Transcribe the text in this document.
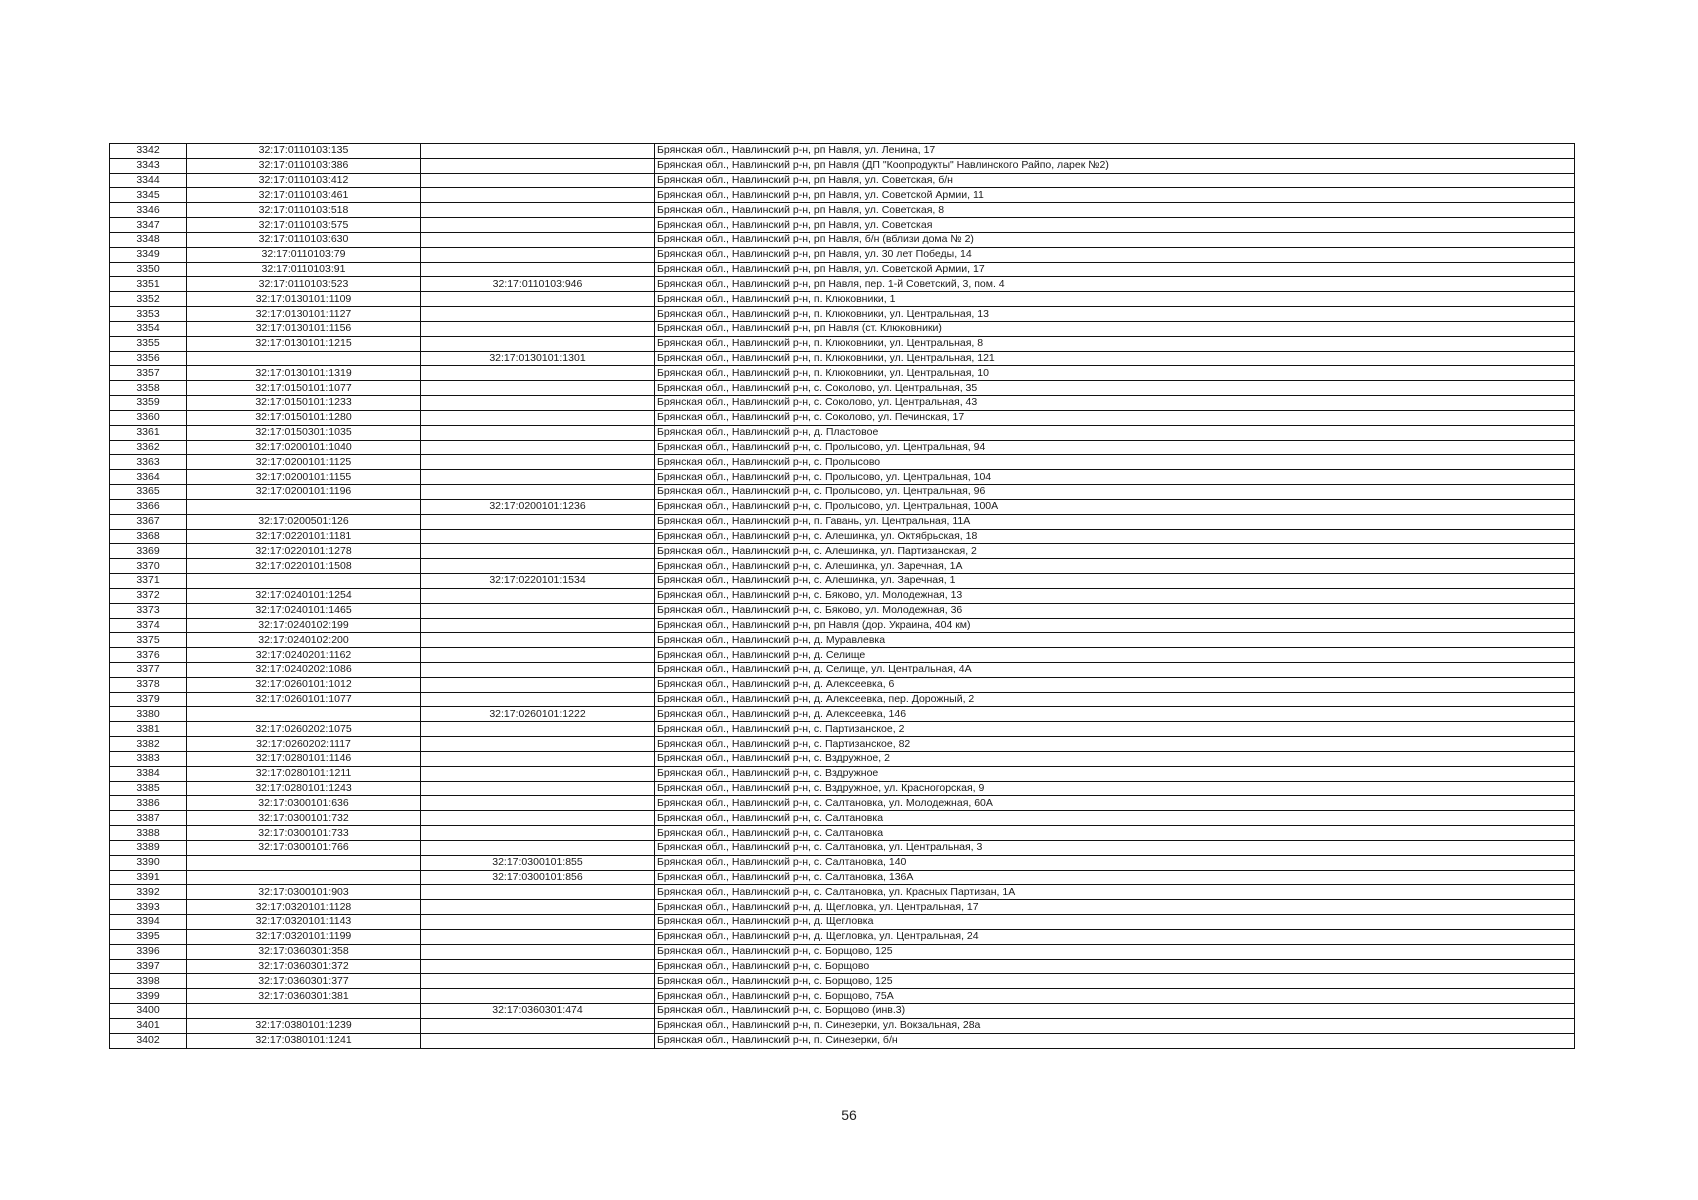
3342	32:17:0110103:135		Брянская обл., Навлинский р-н, рп Навля, ул. Ленина, 17
3343	32:17:0110103:386		Брянская обл., Навлинский р-н, рп Навля (ДП "Коопродукты" Навлинского Райпо, ларек №2)
3344	32:17:0110103:412		Брянская обл., Навлинский р-н, рп Навля, ул. Советская, б/н
3345	32:17:0110103:461		Брянская обл., Навлинский р-н, рп Навля, ул. Советской Армии, 11
3346	32:17:0110103:518		Брянская обл., Навлинский р-н, рп Навля, ул. Советская, 8
3347	32:17:0110103:575		Брянская обл., Навлинский р-н, рп Навля, ул. Советская
3348	32:17:0110103:630		Брянская обл., Навлинский р-н, рп Навля, б/н (вблизи дома № 2)
3349	32:17:0110103:79		Брянская обл., Навлинский р-н, рп Навля, ул. 30 лет Победы, 14
3350	32:17:0110103:91		Брянская обл., Навлинский р-н, рп Навля, ул. Советской Армии, 17
3351	32:17:0110103:523	32:17:0110103:946	Брянская обл., Навлинский р-н, рп Навля, пер. 1-й Советский, 3, пом. 4
3352	32:17:0130101:1109		Брянская обл., Навлинский р-н, п. Клюковники, 1
3353	32:17:0130101:1127		Брянская обл., Навлинский р-н, п. Клюковники, ул. Центральная, 13
3354	32:17:0130101:1156		Брянская обл., Навлинский р-н, рп Навля (ст. Клюковники)
3355	32:17:0130101:1215		Брянская обл., Навлинский р-н, п. Клюковники, ул. Центральная, 8
3356		32:17:0130101:1301	Брянская обл., Навлинский р-н, п. Клюковники, ул. Центральная, 121
3357	32:17:0130101:1319		Брянская обл., Навлинский р-н, п. Клюковники, ул. Центральная, 10
3358	32:17:0150101:1077		Брянская обл., Навлинский р-н, с. Соколово, ул. Центральная, 35
3359	32:17:0150101:1233		Брянская обл., Навлинский р-н, с. Соколово, ул. Центральная, 43
3360	32:17:0150101:1280		Брянская обл., Навлинский р-н, с. Соколово, ул. Печинская, 17
3361	32:17:0150301:1035		Брянская обл., Навлинский р-н, д. Пластовое
3362	32:17:0200101:1040		Брянская обл., Навлинский р-н, с. Пролысово, ул. Центральная, 94
3363	32:17:0200101:1125		Брянская обл., Навлинский р-н, с. Пролысово
3364	32:17:0200101:1155		Брянская обл., Навлинский р-н, с. Пролысово, ул. Центральная, 104
3365	32:17:0200101:1196		Брянская обл., Навлинский р-н, с. Пролысово, ул. Центральная, 96
3366		32:17:0200101:1236	Брянская обл., Навлинский р-н, с. Пролысово, ул. Центральная, 100А
3367	32:17:0200501:126		Брянская обл., Навлинский р-н, п. Гавань, ул. Центральная, 11А
3368	32:17:0220101:1181		Брянская обл., Навлинский р-н, с. Алешинка, ул. Октябрьская, 18
3369	32:17:0220101:1278		Брянская обл., Навлинский р-н, с. Алешинка, ул. Партизанская, 2
3370	32:17:0220101:1508		Брянская обл., Навлинский р-н, с. Алешинка, ул. Заречная, 1А
3371		32:17:0220101:1534	Брянская обл., Навлинский р-н, с. Алешинка, ул. Заречная, 1
3372	32:17:0240101:1254		Брянская обл., Навлинский р-н, с. Бяково, ул. Молодежная, 13
3373	32:17:0240101:1465		Брянская обл., Навлинский р-н, с. Бяково, ул. Молодежная, 36
3374	32:17:0240102:199		Брянская обл., Навлинский р-н, рп Навля (дор. Украина, 404 км)
3375	32:17:0240102:200		Брянская обл., Навлинский р-н, д. Муравлевка
3376	32:17:0240201:1162		Брянская обл., Навлинский р-н, д. Селище
3377	32:17:0240202:1086		Брянская обл., Навлинский р-н, д. Селище, ул. Центральная, 4А
3378	32:17:0260101:1012		Брянская обл., Навлинский р-н, д. Алексеевка, 6
3379	32:17:0260101:1077		Брянская обл., Навлинский р-н, д. Алексеевка, пер. Дорожный, 2
3380		32:17:0260101:1222	Брянская обл., Навлинский р-н, д. Алексеевка, 146
3381	32:17:0260202:1075		Брянская обл., Навлинский р-н, с. Партизанское, 2
3382	32:17:0260202:1117		Брянская обл., Навлинский р-н, с. Партизанское, 82
3383	32:17:0280101:1146		Брянская обл., Навлинский р-н, с. Вздружное, 2
3384	32:17:0280101:1211		Брянская обл., Навлинский р-н, с. Вздружное
3385	32:17:0280101:1243		Брянская обл., Навлинский р-н, с. Вздружное, ул. Красногорская, 9
3386	32:17:0300101:636		Брянская обл., Навлинский р-н, с. Салтановка, ул. Молодежная, 60А
3387	32:17:0300101:732		Брянская обл., Навлинский р-н, с. Салтановка
3388	32:17:0300101:733		Брянская обл., Навлинский р-н, с. Салтановка
3389	32:17:0300101:766		Брянская обл., Навлинский р-н, с. Салтановка, ул. Центральная, 3
3390		32:17:0300101:855	Брянская обл., Навлинский р-н, с. Салтановка, 140
3391		32:17:0300101:856	Брянская обл., Навлинский р-н, с. Салтановка, 136А
3392	32:17:0300101:903		Брянская обл., Навлинский р-н, с. Салтановка, ул. Красных Партизан, 1А
3393	32:17:0320101:1128		Брянская обл., Навлинский р-н, д. Щегловка, ул. Центральная, 17
3394	32:17:0320101:1143		Брянская обл., Навлинский р-н, д. Щегловка
3395	32:17:0320101:1199		Брянская обл., Навлинский р-н, д. Щегловка, ул. Центральная, 24
3396	32:17:0360301:358		Брянская обл., Навлинский р-н, с. Борщово, 125
3397	32:17:0360301:372		Брянская обл., Навлинский р-н, с. Борщово
3398	32:17:0360301:377		Брянская обл., Навлинский р-н, с. Борщово, 125
3399	32:17:0360301:381		Брянская обл., Навлинский р-н, с. Борщово, 75А
3400		32:17:0360301:474	Брянская обл., Навлинский р-н, с. Борщово (инв.3)
3401	32:17:0380101:1239		Брянская обл., Навлинский р-н, п. Синезерки, ул. Вокзальная, 28а
3402	32:17:0380101:1241		Брянская обл., Навлинский р-н, п. Синезерки, б/н
56
